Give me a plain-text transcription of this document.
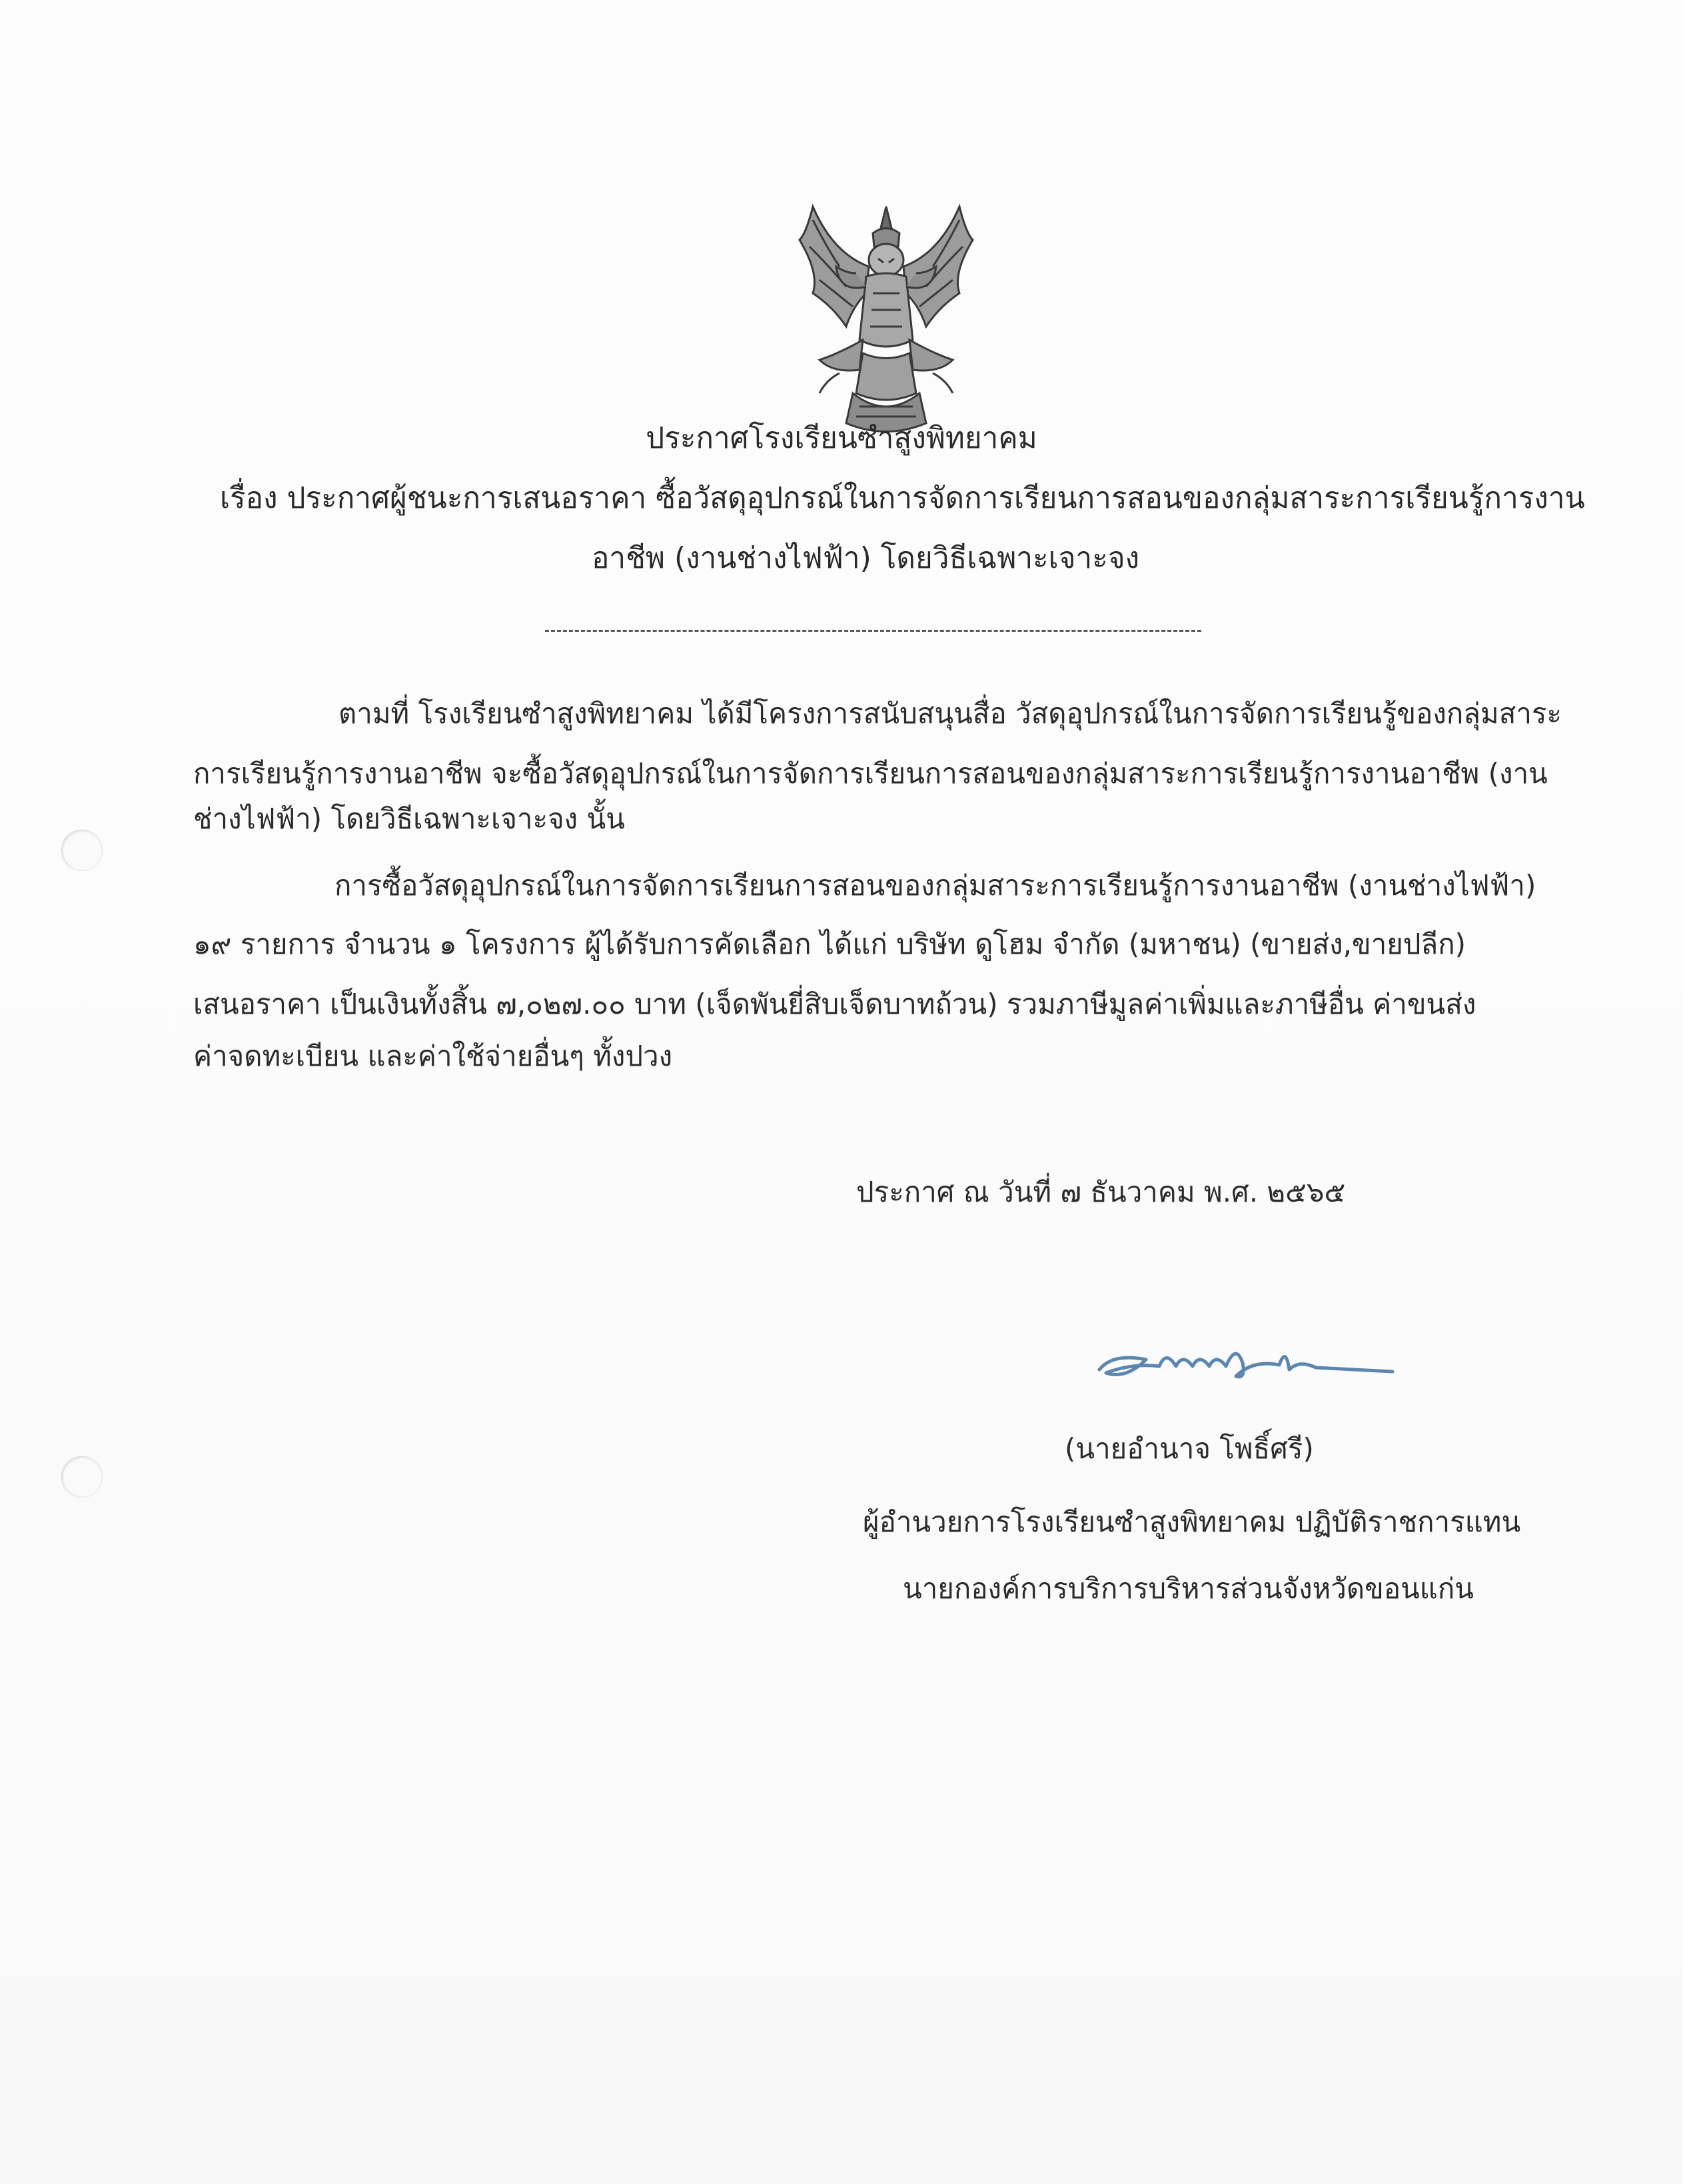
ประกาศโรงเรียนซำสูงพิทยาคม
เรื่อง ประกาศผู้ชนะการเสนอราคา ซื้อวัสดุอุปกรณ์ในการจัดการเรียนการสอนของกลุ่มสาระการเรียนรู้การงาน
อาชีพ (งานช่างไฟฟ้า) โดยวิธีเฉพาะเจาะจง
ตามที่ โรงเรียนซำสูงพิทยาคม ได้มีโครงการสนับสนุนสื่อ วัสดุอุปกรณ์ในการจัดการเรียนรู้ของกลุ่มสาระ
การเรียนรู้การงานอาชีพ จะซื้อวัสดุอุปกรณ์ในการจัดการเรียนการสอนของกลุ่มสาระการเรียนรู้การงานอาชีพ (งาน
ช่างไฟฟ้า) โดยวิธีเฉพาะเจาะจง นั้น
การซื้อวัสดุอุปกรณ์ในการจัดการเรียนการสอนของกลุ่มสาระการเรียนรู้การงานอาชีพ (งานช่างไฟฟ้า)
๑๙ รายการ จำนวน ๑ โครงการ ผู้ได้รับการคัดเลือก ได้แก่ บริษัท ดูโฮม จำกัด (มหาชน) (ขายส่ง,ขายปลีก)
เสนอราคา เป็นเงินทั้งสิ้น ๗,๐๒๗.๐๐ บาท (เจ็ดพันยี่สิบเจ็ดบาทถ้วน) รวมภาษีมูลค่าเพิ่มและภาษีอื่น ค่าขนส่ง
ค่าจดทะเบียน และค่าใช้จ่ายอื่นๆ ทั้งปวง
ประกาศ ณ วันที่ ๗ ธันวาคม พ.ศ. ๒๕๖๕
(นายอำนาจ โพธิ์ศรี)
ผู้อำนวยการโรงเรียนซำสูงพิทยาคม ปฏิบัติราชการแทน
นายกองค์การบริการบริหารส่วนจังหวัดขอนแก่น
